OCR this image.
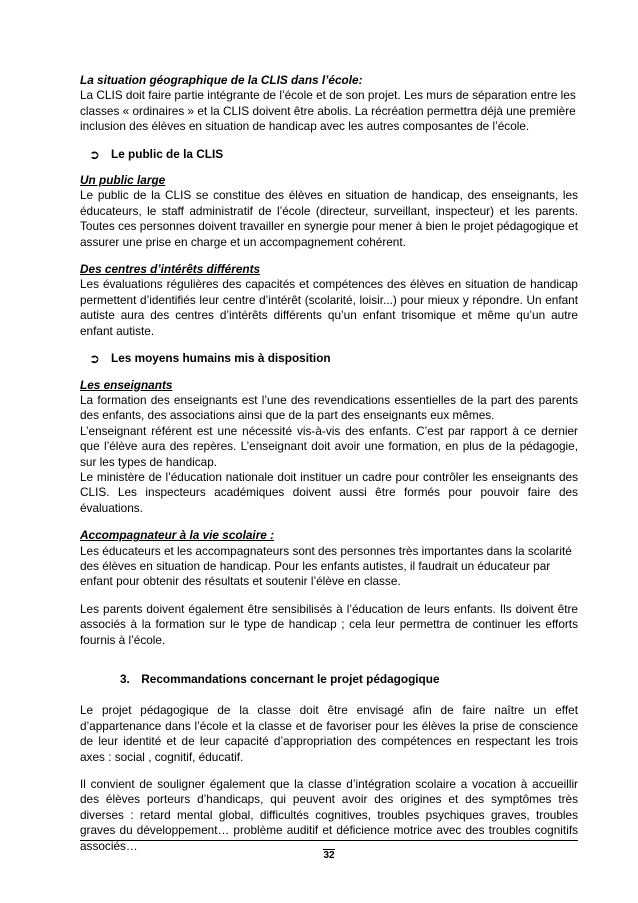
La situation géographique de la CLIS dans l’école:

La CLIS doit faire partie intégrante de l’école et de son projet. Les murs de séparation entre les classes « ordinaires » et la CLIS doivent être abolis. La récréation permettra déjà une première inclusion des élèves en situation de handicap avec les autres composantes de l’école.

➲ Le public de la CLIS
Un public large

Le public de la CLIS se constitue des élèves en situation de handicap, des enseignants, les éducateurs, le staff administratif de l’école (directeur, surveillant, inspecteur) et les parents. Toutes ces personnes doivent travailler en synergie pour mener à bien le projet pédagogique et assurer une prise en charge et un accompagnement cohérent.

Des centres d’intérêts différents

Les évaluations régulières des capacités et compétences des élèves en situation de handicap permettent d’identifiés leur centre d’intérêt (scolarité, loisir...) pour mieux y répondre. Un enfant autiste aura des centres d’intérêts différents qu’un enfant trisomique et même qu’un autre enfant autiste.

➲ Les moyens humains mis à disposition
Les enseignants

La formation des enseignants est l’une des revendications essentielles de la part des parents des enfants, des associations ainsi que de la part des enseignants eux mêmes.

L’enseignant référent est une nécessité vis-à-vis des enfants. C’est par rapport à ce dernier que l’élève aura des repères. L’enseignant doit avoir une formation, en plus de la pédagogie, sur les types de handicap.

Le ministère de l’éducation nationale doit instituer un cadre pour contrôler les enseignants des CLIS. Les inspecteurs académiques doivent aussi être formés pour pouvoir faire des évaluations.

Accompagnateur à la vie scolaire :

Les éducateurs et les accompagnateurs sont des personnes très importantes dans la scolarité des élèves en situation de handicap. Pour les enfants autistes, il faudrait un éducateur par enfant pour obtenir des résultats et soutenir l’élève en classe.

Les parents doivent également être sensibilisés à l’éducation de leurs enfants. Ils doivent être associés à la formation sur le type de handicap ; cela leur permettra de continuer les efforts fournis à l’école.

3. Recommandations concernant le projet pédagogique

Le projet pédagogique de la classe doit être envisagé afin de faire naître un effet d’appartenance dans l’école et la classe et de favoriser pour les élèves la prise de conscience de leur identité et de leur capacité d’appropriation des compétences en respectant les trois axes : social , cognitif, éducatif.

Il convient de souligner également que la classe d’intégration scolaire a vocation à accueillir des élèves porteurs d’handicaps, qui peuvent avoir des origines et des symptômes très diverses : retard mental global, difficultés cognitives, troubles psychiques graves, troubles graves du développement… problème auditif et déficience motrice avec des troubles cognitifs associés…

32
